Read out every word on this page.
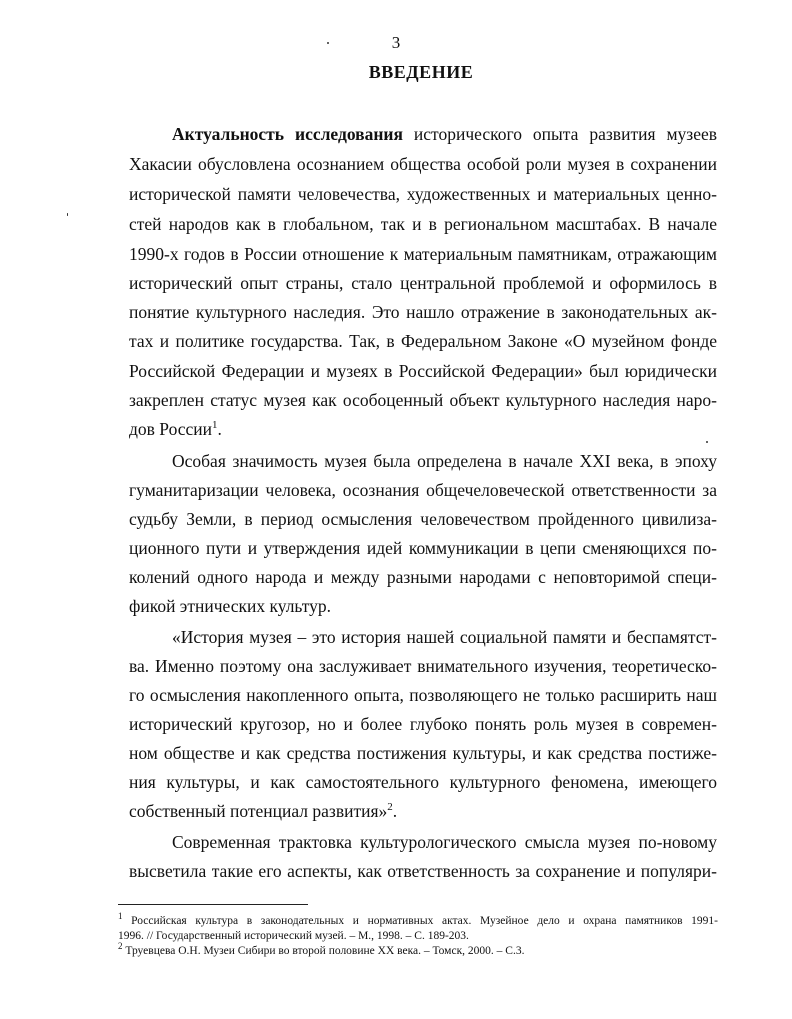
3
ВВЕДЕНИЕ
Актуальность исследования исторического опыта развития музеев
Хакасии обусловлена осознанием общества особой роли музея в сохранении
исторической памяти человечества, художественных и материальных ценно-
стей народов как в глобальном, так и в региональном масштабах. В начале
1990-х годов в России отношение к материальным памятникам, отражающим
исторический опыт страны, стало центральной проблемой и оформилось в
понятие культурного наследия. Это нашло отражение в законодательных ак-
тах и политике государства. Так, в Федеральном Законе «О музейном фонде
Российской Федерации и музеях в Российской Федерации» был юридически
закреплен статус музея как особоценный объект культурного наследия наро-
дов России$^1$.
Особая значимость музея была определена в начале XXI века, в эпоху
гуманитаризации человека, осознания общечеловеческой ответственности за
судьбу Земли, в период осмысления человечеством пройденного цивилиза-
ционного пути и утверждения идей коммуникации в цепи сменяющихся по-
колений одного народа и между разными народами с неповторимой специ-
фикой этнических культур.
«История музея – это история нашей социальной памяти и беспамятст-
ва. Именно поэтому она заслуживает внимательного изучения, теоретическо-
го осмысления накопленного опыта, позволяющего не только расширить наш
исторический кругозор, но и более глубоко понять роль музея в современ-
ном обществе и как средства постижения культуры, и как средства постиже-
ния культуры, и как самостоятельного культурного феномена, имеющего
собственный потенциал развития»$^2$.
Современная трактовка культурологического смысла музея по-новому
высветила такие его аспекты, как ответственность за сохранение и популяри-
$^1$ Российская культура в законодательных и нормативных актах. Музейное дело и охрана памятников 1991-
1996. // Государственный исторический музей. – М., 1998. – С. 189-203.
$^2$ Труевцева О.Н. Музеи Сибири во второй половине XX века. – Томск, 2000. – С.3.
